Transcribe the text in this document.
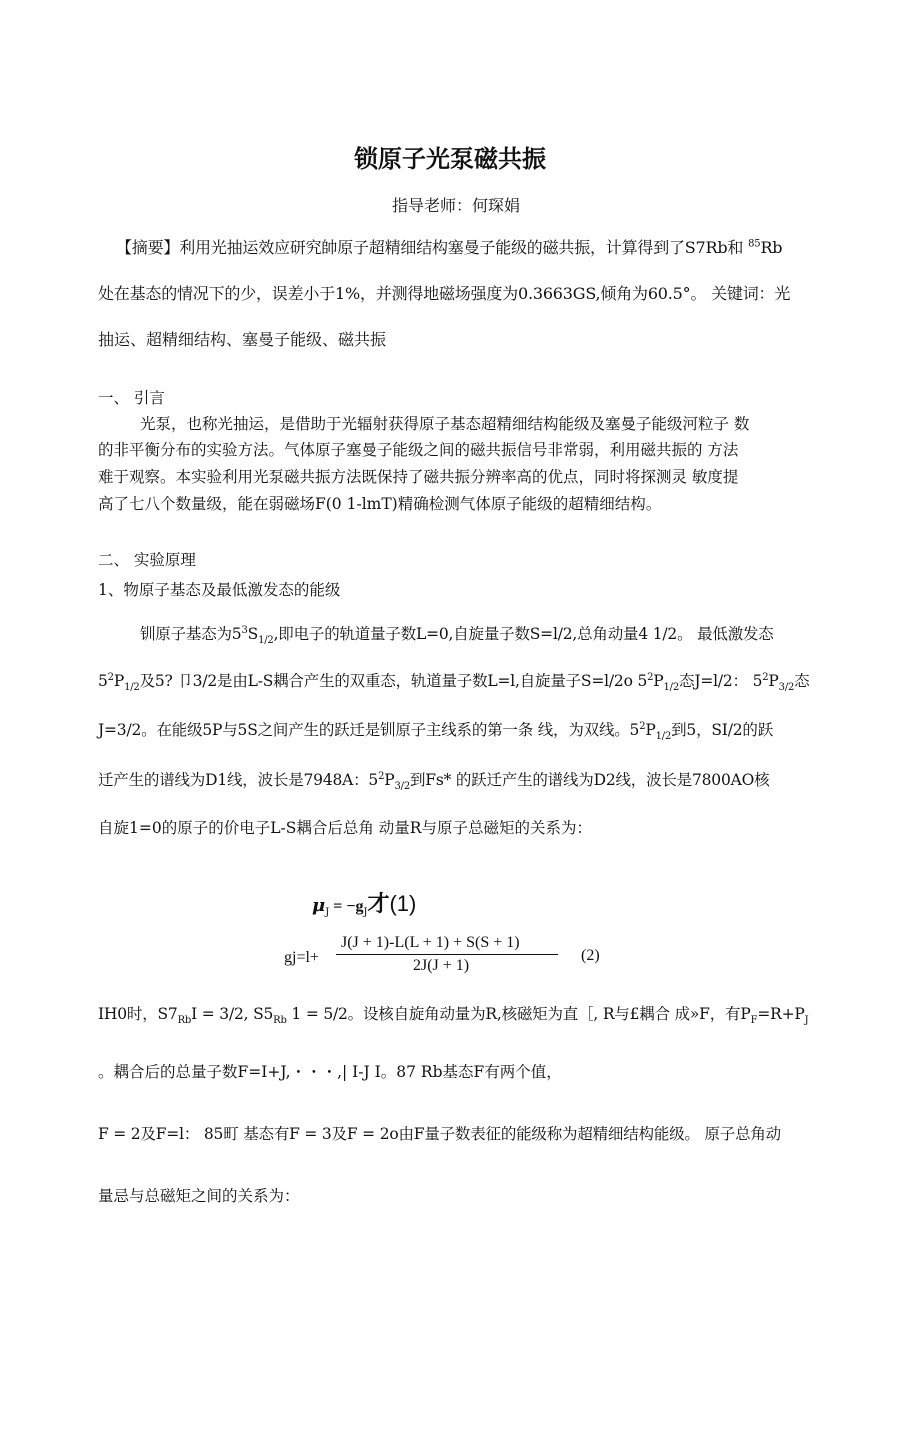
锁原子光泵磁共振
指导老师：何琛娟
【摘要】利用光抽运效应研究帥原子超精细结构塞曼子能级的磁共振，计算得到了S7Rb和 $^{85}$Rb
处在基态的情况下的少，误差小于1%，并测得地磁场强度为0.3663GS,倾角为60.5°。 关键词：光
抽运、超精细结构、塞曼子能级、磁共振
一、 引言
光泵，也称光抽运，是借助于光辐射获得原子基态超精细结构能级及塞曼子能级河粒子 数
的非平衡分布的实验方法。气体原子塞曼子能级之间的磁共振信号非常弱，利用磁共振的 方法
难于观察。本实验利用光泵磁共振方法既保持了磁共振分辨率高的优点，同时将探测灵 敏度提
高了七八个数量级，能在弱磁场F(0 1-lmT)精确检测气体原子能级的超精细结构。
二、 实验原理
1、物原子基态及最低激发态的能级
钏原子基态为$5^3S_{1/2}$,即电子的轨道量子数L=0,自旋量子数S=l/2,总角动量4 1/2。 最低激发态
$5^2P_{1/2}$及5? 卩3/2是由L-S耦合产生的双重态，轨道量子数L=l,自旋量子S=l/2o $5^2P_{1/2}$态J=l/2： $5^2P_{3/2}$态
J=3/2。在能级5P与5S之间产生的跃迁是钏原子主线系的第一条 线，为双线。$5^2P_{1/2}$到5，SI/2的跃
迁产生的谱线为D1线，波长是7948A：$5^2P_{3/2}$到Fs* 的跃迁产生的谱线为D2线，波长是7800AO核
自旋1=0的原子的价电子L-S耦合后总角 动量R与原子总磁矩的关系为：
$\mu_J = -g_J$才(1)
gj=l+
J(J + 1)-L(L + 1) + S(S + 1)
2J(J + 1)
(2)
IH0时，$S7_{Rb}I = 3/2$, $S5_{Rb}$ 1 = 5/2。设核自旋角动量为R,核磁矩为直［, R与£耦合 成»F，有$P_F=R+P_J$
。耦合后的总量子数F=I+J,・・・,| I-J I。87 Rb基态F有两个值，
F = 2及F=l： 85町 基态有F = 3及F = 2o由F量子数表征的能级称为超精细结构能级。 原子总角动
量忌与总磁矩之间的关系为：
